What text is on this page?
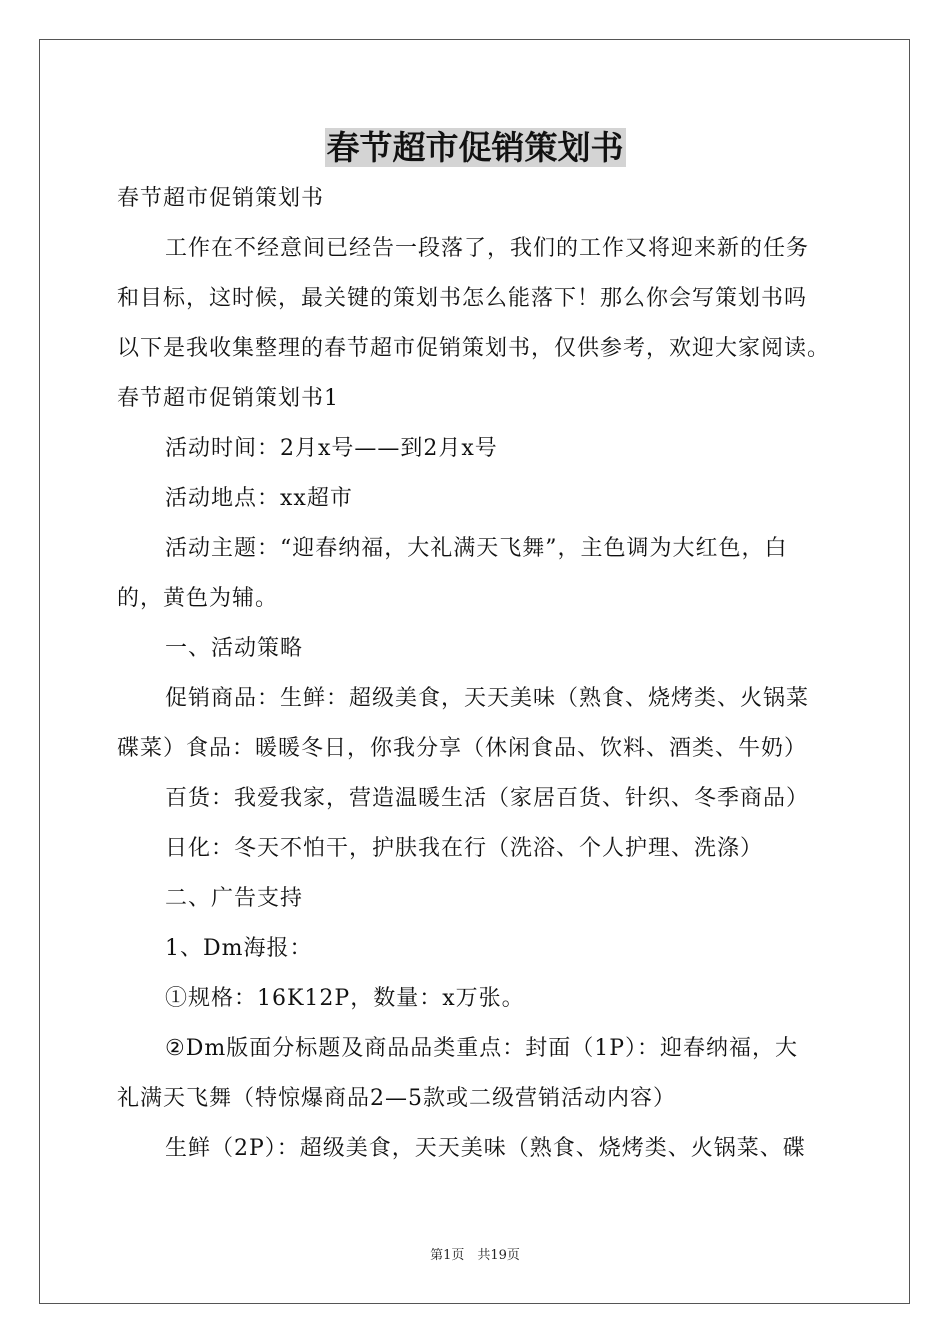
春节超市促销策划书

春节超市促销策划书

工作在不经意间已经告一段落了，我们的工作又将迎来新的任务

和目标，这时候，最关键的策划书怎么能落下！那么你会写策划书吗

以下是我收集整理的春节超市促销策划书，仅供参考，欢迎大家阅读。

春节超市促销策划书1

活动时间：2月x号——到2月x号

活动地点：xx超市

活动主题：“迎春纳福，大礼满天飞舞”，主色调为大红色，白

的，黄色为辅。

一、活动策略

促销商品：生鲜：超级美食，天天美味（熟食、烧烤类、火锅菜

碟菜）食品：暖暖冬日，你我分享（休闲食品、饮料、酒类、牛奶）

百货：我爱我家，营造温暖生活（家居百货、针织、冬季商品）

日化：冬天不怕干，护肤我在行（洗浴、个人护理、洗涤）

二、广告支持

1、Dm海报：

①规格：16K12P，数量：x万张。

②Dm版面分标题及商品品类重点：封面（1P）：迎春纳福，大

礼满天飞舞（特惊爆商品2—5款或二级营销活动内容）

生鲜（2P）：超级美食，天天美味（熟食、烧烤类、火锅菜、碟

第1页　共19页
